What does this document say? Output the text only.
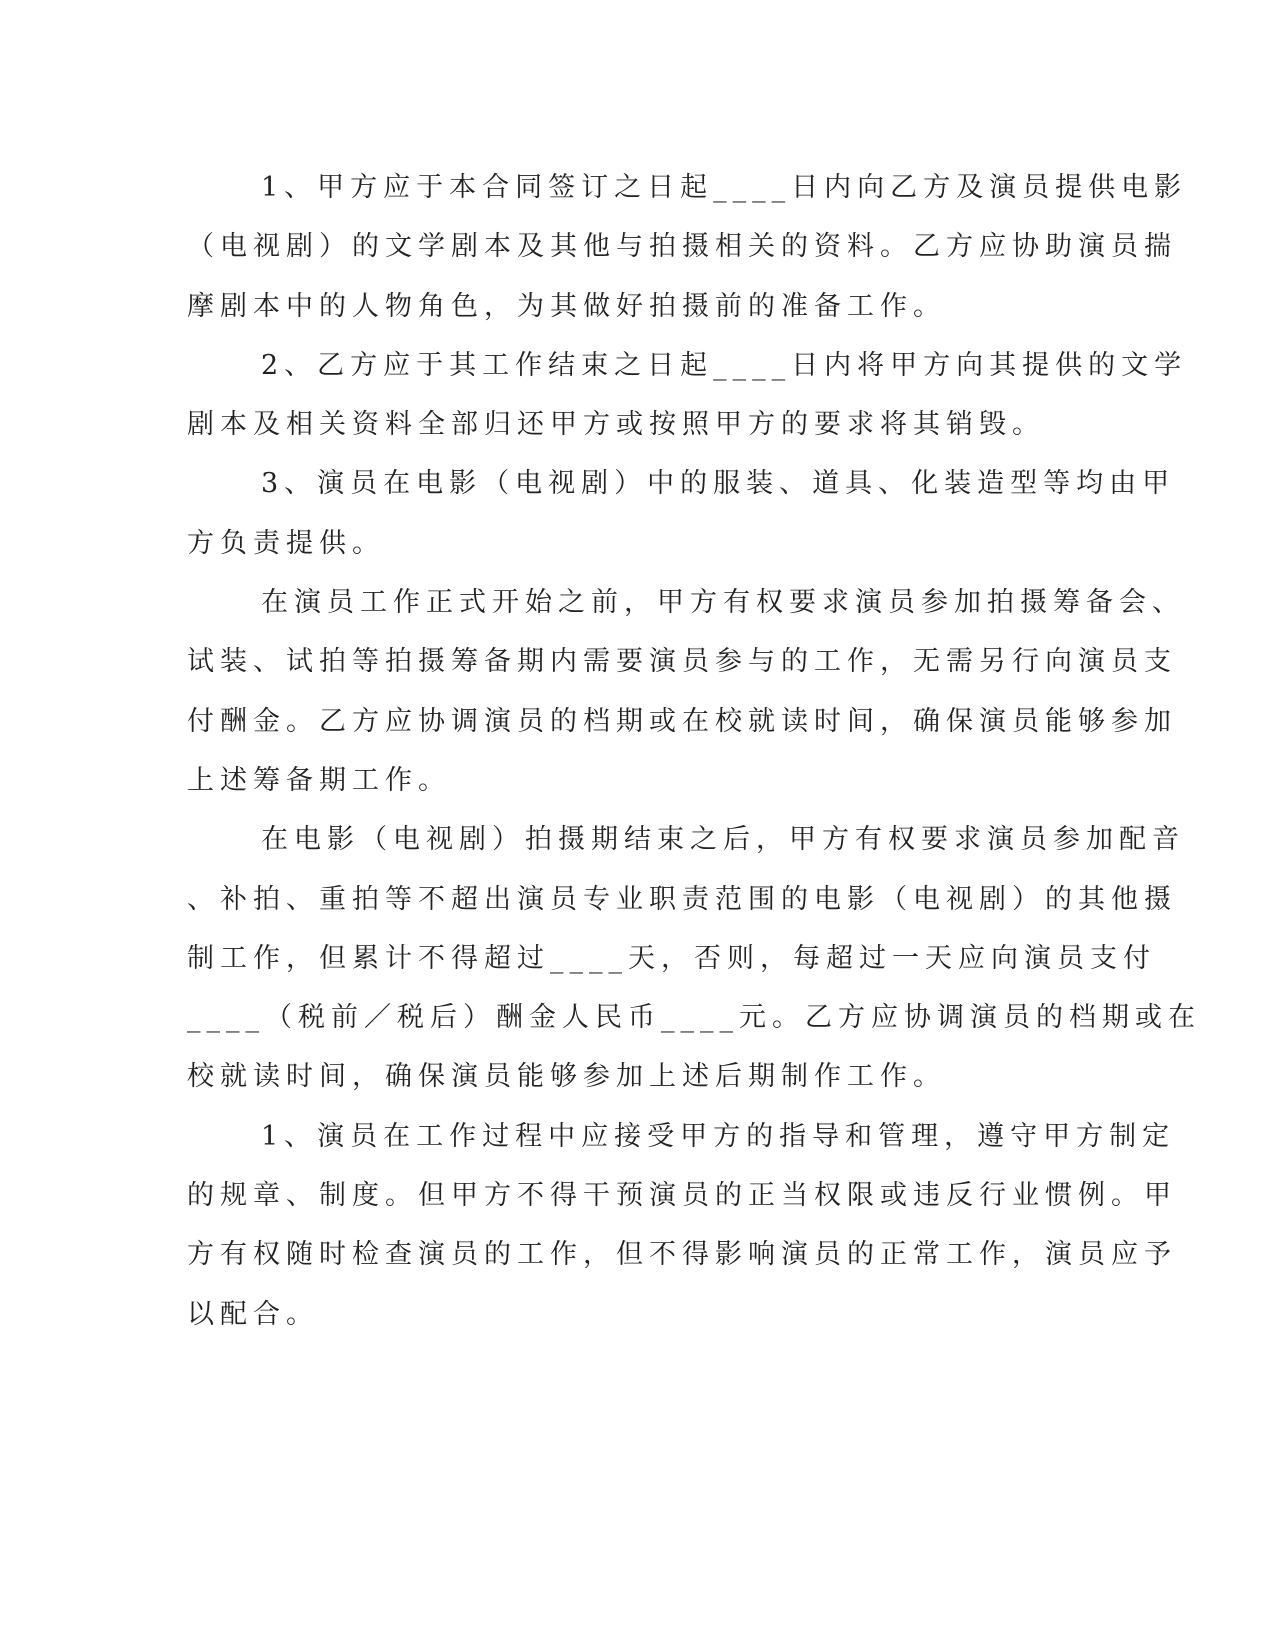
1、甲方应于本合同签订之日起____日内向乙方及演员提供电影
（电视剧）的文学剧本及其他与拍摄相关的资料。乙方应协助演员揣
摩剧本中的人物角色，为其做好拍摄前的准备工作。
2、乙方应于其工作结束之日起____日内将甲方向其提供的文学
剧本及相关资料全部归还甲方或按照甲方的要求将其销毁。
3、演员在电影（电视剧）中的服装、道具、化装造型等均由甲
方负责提供。
在演员工作正式开始之前，甲方有权要求演员参加拍摄筹备会、
试装、试拍等拍摄筹备期内需要演员参与的工作，无需另行向演员支
付酬金。乙方应协调演员的档期或在校就读时间，确保演员能够参加
上述筹备期工作。
在电影（电视剧）拍摄期结束之后，甲方有权要求演员参加配音
、补拍、重拍等不超出演员专业职责范围的电影（电视剧）的其他摄
制工作，但累计不得超过____天，否则，每超过一天应向演员支付
____（税前／税后）酬金人民币____元。乙方应协调演员的档期或在
校就读时间，确保演员能够参加上述后期制作工作。
1、演员在工作过程中应接受甲方的指导和管理，遵守甲方制定
的规章、制度。但甲方不得干预演员的正当权限或违反行业惯例。甲
方有权随时检查演员的工作，但不得影响演员的正常工作，演员应予
以配合。
